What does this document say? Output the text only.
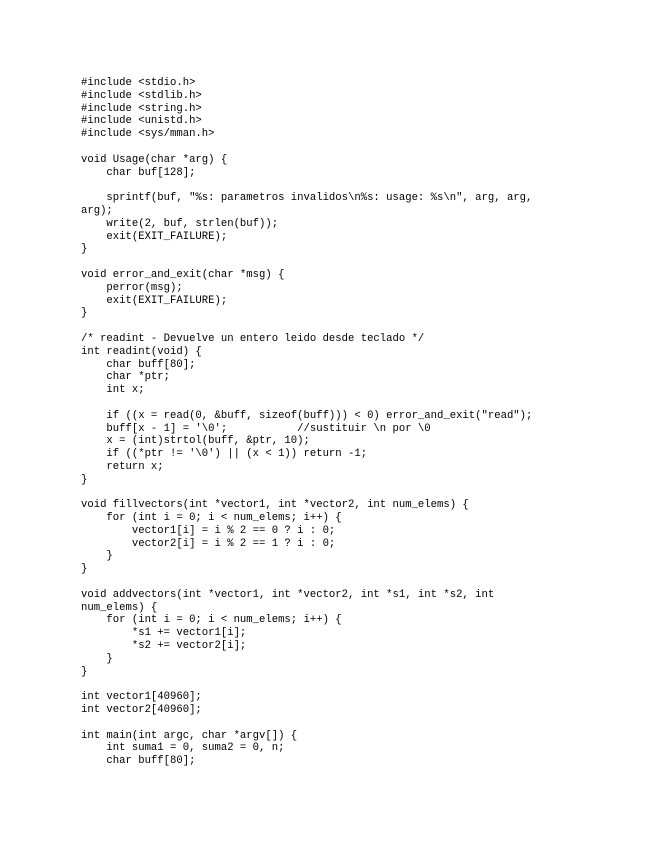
#include <stdio.h>
#include <stdlib.h>
#include <string.h>
#include <unistd.h>
#include <sys/mman.h>
void Usage(char *arg) {
char buf[128];
sprintf(buf, "%s: parametros invalidos\n%s: usage: %s\n", arg, arg,
arg);
write(2, buf, strlen(buf));
exit(EXIT_FAILURE);
}
void error_and_exit(char *msg) {
perror(msg);
exit(EXIT_FAILURE);
}
/* readint - Devuelve un entero leido desde teclado */
int readint(void) {
char buff[80];
char *ptr;
int x;
if ((x = read(0, &buff, sizeof(buff))) < 0) error_and_exit("read");
buff[x - 1] = '\0';           //sustituir \n por \0
x = (int)strtol(buff, &ptr, 10);
if ((*ptr != '\0') || (x < 1)) return -1;
return x;
}
void fillvectors(int *vector1, int *vector2, int num_elems) {
for (int i = 0; i < num_elems; i++) {
vector1[i] = i % 2 == 0 ? i : 0;
vector2[i] = i % 2 == 1 ? i : 0;
}
}
void addvectors(int *vector1, int *vector2, int *s1, int *s2, int
num_elems) {
for (int i = 0; i < num_elems; i++) {
*s1 += vector1[i];
*s2 += vector2[i];
}
}
int vector1[40960];
int vector2[40960];
int main(int argc, char *argv[]) {
int suma1 = 0, suma2 = 0, n;
char buff[80];
